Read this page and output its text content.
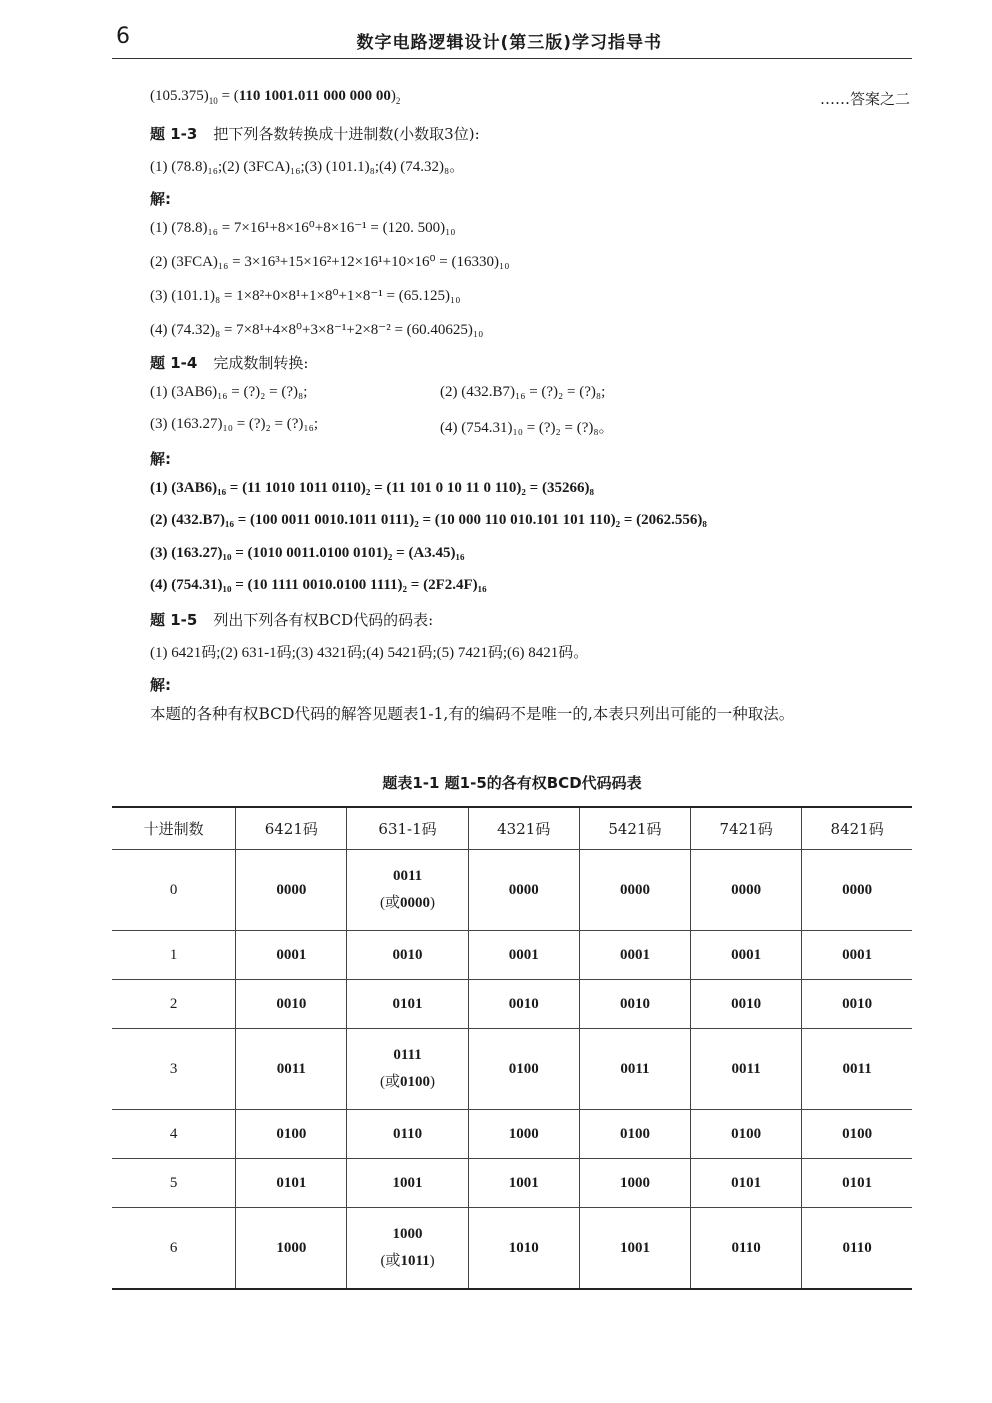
6	数字电路逻辑设计(第三版)学习指导书
$(105.375)_{10} = (110$ 1001.011 000 000 $00)_2$	……答案之二
题 1-3 把下列各数转换成十进制数(小数取3位):
(1) (78.8)₁₆;(2) (3FCA)₁₆;(3) (101.1)₈;(4) (74.32)₈。
解:
(1) (78.8)₁₆ = 7×16¹+8×16⁰+8×16⁻¹ = (120. 500)₁₀
(2) (3FCA)₁₆ = 3×16³+15×16²+12×16¹+10×16⁰ = (16330)₁₀
(3) (101.1)₈ = 1×8²+0×8¹+1×8⁰+1×8⁻¹ = (65.125)₁₀
(4) (74.32)₈ = 7×8¹+4×8⁰+3×8⁻¹+2×8⁻² = (60.40625)₁₀
题 1-4 完成数制转换:
(1) (3AB6)₁₆ = (?)₂ = (?)₈;	(2) (432.B7)₁₆ = (?)₂ = (?)₈;
(3) (163.27)₁₀ = (?)₂ = (?)₁₆;	(4) (754.31)₁₀ = (?)₂ = (?)₈。
解:
(1) (3AB6)₁₆ = (11 1010 1011 0110)₂ = (11 101 0 10 11 0 110)₂ = (35266)₈
(2) (432.B7)₁₆ = (100 0011 0010.1011 0111)₂ = (10 000 110 010.101 101 110)₂ = (2062.556)₈
(3) (163.27)₁₀ = (1010 0011.0100 0101)₂ = (A3.45)₁₆
(4) (754.31)₁₀ = (10 1111 0010.0100 1111)₂ = (2F2.4F)₁₆
题 1-5 列出下列各有权BCD代码的码表:
(1) 6421码;(2) 631-1码;(3) 4321码;(4) 5421码;(5) 7421码;(6) 8421码。
解:
本题的各种有权BCD代码的解答见题表1-1,有的编码不是唯一的,本表只列出可能的一种取法。
题表1-1 题1-5的各有权BCD代码码表
十进制数	6421码	631-1码	4321码	5421码	7421码	8421码
0	0000	0011
(或0000)	0000	0000	0000	0000
1	0001	0010	0001	0001	0001	0001
2	0010	0101	0010	0010	0010	0010
3	0011	0111
(或0100)	0100	0011	0011	0011
4	0100	0110	1000	0100	0100	0100
5	0101	1001	1001	1000	0101	0101
6	1000	1000
(或1011)	1010	1001	0110	0110
